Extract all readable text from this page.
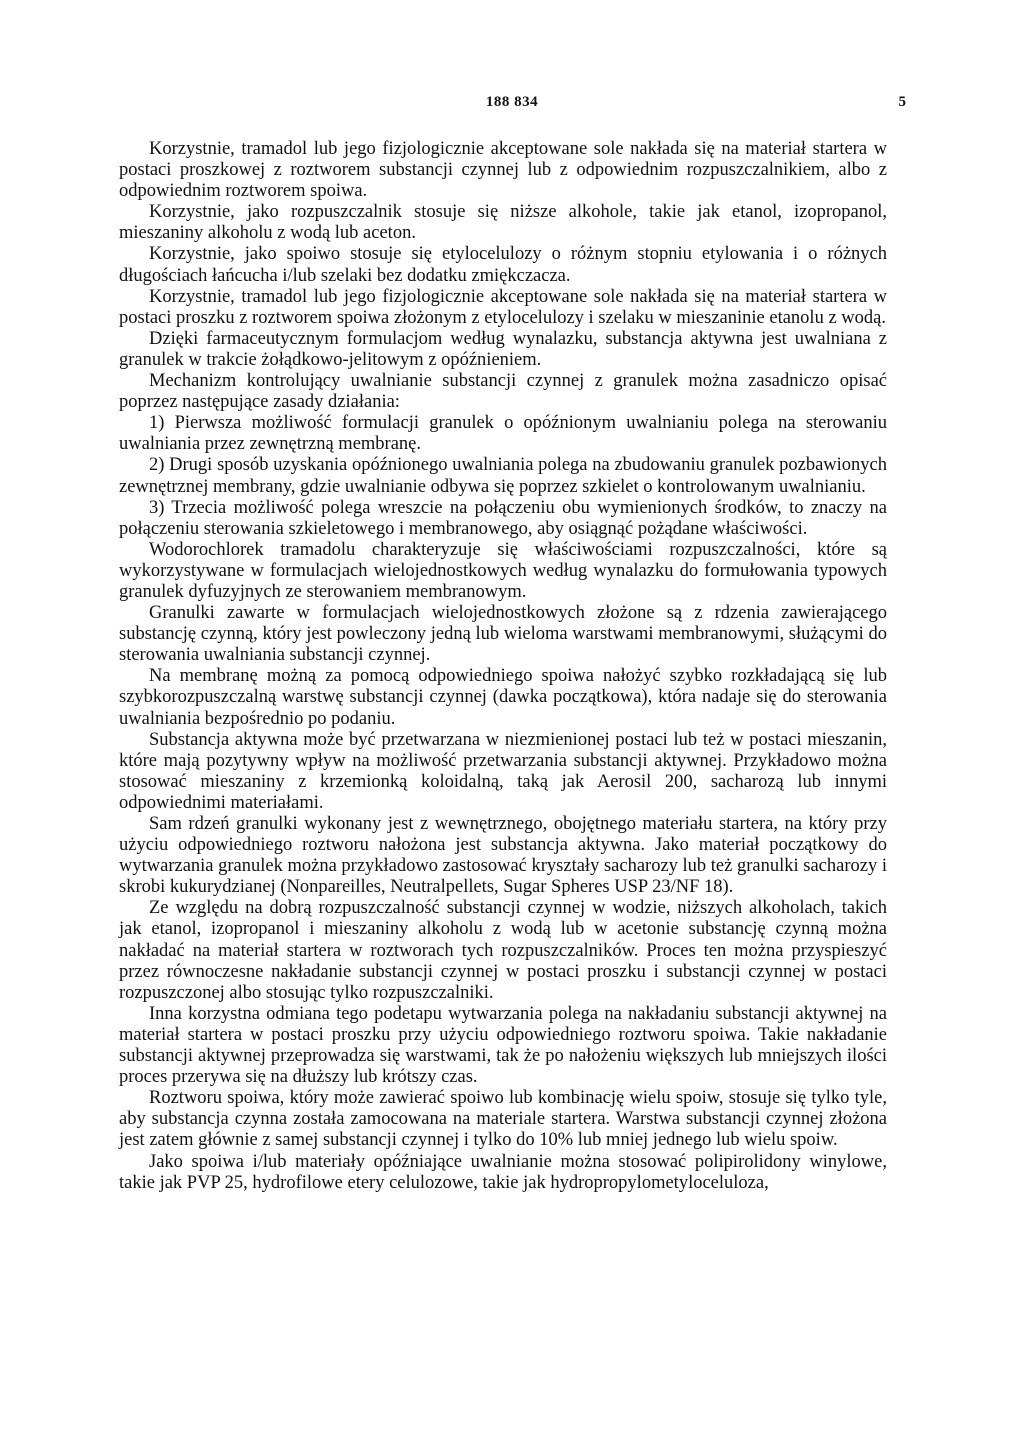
188 834	5

Korzystnie, tramadol lub jego fizjologicznie akceptowane sole nakłada się na materiał startera w postaci proszkowej z roztworem substancji czynnej lub z odpowiednim rozpuszczalnikiem, albo z odpowiednim roztworem spoiwa.

Korzystnie, jako rozpuszczalnik stosuje się niższe alkohole, takie jak etanol, izopropanol, mieszaniny alkoholu z wodą lub aceton.

Korzystnie, jako spoiwo stosuje się etylocelulozy o różnym stopniu etylowania i o różnych długościach łańcucha i/lub szelaki bez dodatku zmiękczacza.

Korzystnie, tramadol lub jego fizjologicznie akceptowane sole nakłada się na materiał startera w postaci proszku z roztworem spoiwa złożonym z etylocelulozy i szelaku w mieszaninie etanolu z wodą.

Dzięki farmaceutycznym formulacjom według wynalazku, substancja aktywna jest uwalniana z granulek w trakcie żołądkowo-jelitowym z opóźnieniem.

Mechanizm kontrolujący uwalnianie substancji czynnej z granulek można zasadniczo opisać poprzez następujące zasady działania:

1) Pierwsza możliwość formulacji granulek o opóźnionym uwalnianiu polega na sterowaniu uwalniania przez zewnętrzną membranę.

2) Drugi sposób uzyskania opóźnionego uwalniania polega na zbudowaniu granulek pozbawionych zewnętrznej membrany, gdzie uwalnianie odbywa się poprzez szkielet o kontrolowanym uwalnianiu.

3) Trzecia możliwość polega wreszcie na połączeniu obu wymienionych środków, to znaczy na połączeniu sterowania szkieletowego i membranowego, aby osiągnąć pożądane właściwości.

Wodorochlorek tramadolu charakteryzuje się właściwościami rozpuszczalności, które są wykorzystywane w formulacjach wielojednostkowych według wynalazku do formułowania typowych granulek dyfuzyjnych ze sterowaniem membranowym.

Granulki zawarte w formulacjach wielojednostkowych złożone są z rdzenia zawierającego substancję czynną, który jest powleczony jedną lub wieloma warstwami membranowymi, służącymi do sterowania uwalniania substancji czynnej.

Na membranę możną za pomocą odpowiedniego spoiwa nałożyć szybko rozkładającą się lub szybkorozpuszczalną warstwę substancji czynnej (dawka początkowa), która nadaje się do sterowania uwalniania bezpośrednio po podaniu.

Substancja aktywna może być przetwarzana w niezmienionej postaci lub też w postaci mieszanin, które mają pozytywny wpływ na możliwość przetwarzania substancji aktywnej. Przykładowo można stosować mieszaniny z krzemionką koloidalną, taką jak Aerosil 200, sacharozą lub innymi odpowiednimi materiałami.

Sam rdzeń granulki wykonany jest z wewnętrznego, obojętnego materiału startera, na który przy użyciu odpowiedniego roztworu nałożona jest substancja aktywna. Jako materiał początkowy do wytwarzania granulek można przykładowo zastosować kryształy sacharozy lub też granulki sacharozy i skrobi kukurydzianej (Nonpareilles, Neutralpellets, Sugar Spheres USP 23/NF 18).

Ze względu na dobrą rozpuszczalność substancji czynnej w wodzie, niższych alkoholach, takich jak etanol, izopropanol i mieszaniny alkoholu z wodą lub w acetonie substancję czynną można nakładać na materiał startera w roztworach tych rozpuszczalników. Proces ten można przyspieszyć przez równoczesne nakładanie substancji czynnej w postaci proszku i substancji czynnej w postaci rozpuszczonej albo stosując tylko rozpuszczalniki.

Inna korzystna odmiana tego podetapu wytwarzania polega na nakładaniu substancji aktywnej na materiał startera w postaci proszku przy użyciu odpowiedniego roztworu spoiwa. Takie nakładanie substancji aktywnej przeprowadza się warstwami, tak że po nałożeniu większych lub mniejszych ilości proces przerywa się na dłuższy lub krótszy czas.

Roztworu spoiwa, który może zawierać spoiwo lub kombinację wielu spoiw, stosuje się tylko tyle, aby substancja czynna została zamocowana na materiale startera. Warstwa substancji czynnej złożona jest zatem głównie z samej substancji czynnej i tylko do 10% lub mniej jednego lub wielu spoiw.

Jako spoiwa i/lub materiały opóźniające uwalnianie można stosować polipirolidony winylowe, takie jak PVP 25, hydrofilowe etery celulozowe, takie jak hydropropylometyloceluloza,
